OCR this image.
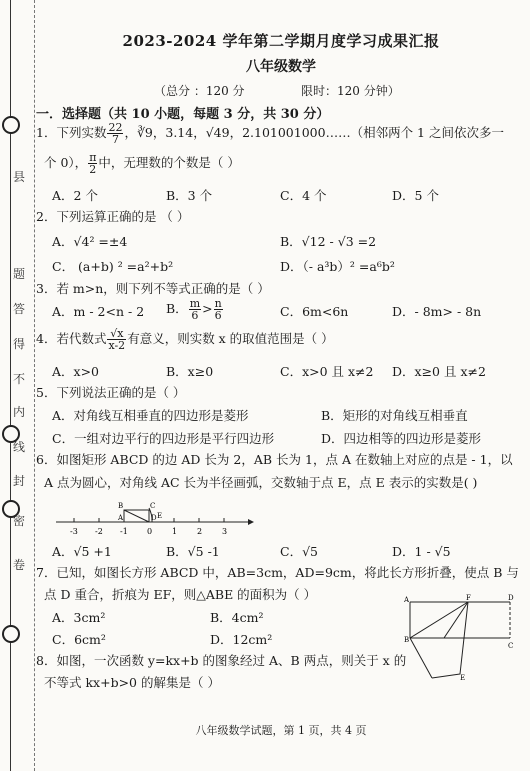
县
题
答
得
不
内
线
封
密
卷
2023-2024 学年第二学期月度学习成果汇报
八年级数学
（总分 ：120 分	限时：120 分钟）
一．选择题（共 10 小题，每题 3 分，共 30 分）
1．下列实数 $\frac{22}{7}$ ，∛9，3.14，√49，2.101001000……（相邻两个 1 之间依次多一
个 0）， $\frac{\pi}{2}$ 中，无理数的个数是（ ）
A．2 个	B．3 个	C．4 个	D．5 个
2．下列运算正确的是 （ ）
A．√4² =±4	B．√12 - √3 =2
C． (a+b) ² =a²+b²	D．（- a³b）² =a⁶b²
3．若 m>n，则下列不等式正确的是（ ）
A．m - 2<n - 2 B． $\frac{m}{6} > \frac{n}{6}$	C．6m<6n	D．- 8m> - 8n
4．若代数式 $\frac{√x}{x-2}$ 有意义，则实数 x 的取值范围是（ ）
A．x>0	B．x≥0	C．x>0 且 x≠2 D．x≥0 且 x≠2
5．下列说法正确的是（ ）
A．对角线互相垂直的四边形是菱形	B．矩形的对角线互相垂直
C．一组对边平行的四边形是平行四边形	D．四边相等的四边形是菱形
6．如图矩形 ABCD 的边 AD 长为 2，AB 长为 1，点 A 在数轴上对应的点是 - 1，以
A 点为圆心，对角线 AC 长为半径画弧，交数轴于点 E，点 E 表示的实数是( )
-3 -2 -1 0 1 2 3
B	C
A	D E
A．√5 +1	B．√5 -1	C．√5	D．1 - √5
7．已知，如图长方形 ABCD 中，AB=3cm，AD=9cm，将此长方形折叠，使点 B 与
点 D 重合，折痕为 EF，则△ABE 的面积为（ ）
A．3cm²	B．4cm²
C．6cm²	D．12cm²
F	D
C
B
E
A
8．如图，一次函数 y=kx+b 的图象经过 A、B 两点，则关于 x 的
不等式 kx+b>0 的解集是（ ）
八年级数学试题，第 1 页，共 4 页
